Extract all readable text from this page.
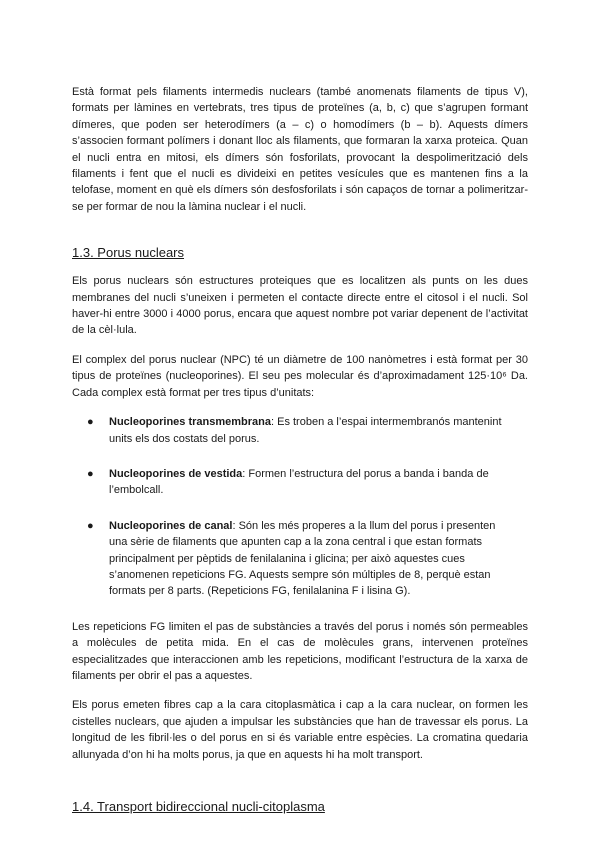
Està format pels filaments intermedis nuclears (també anomenats filaments de tipus V), formats per làmines en vertebrats, tres tipus de proteïnes (a, b, c) que s’agrupen formant dímeres, que poden ser heterodímers (a – c) o homodímers (b – b). Aquests dímers s’associen formant polímers i donant lloc als filaments, que formaran la xarxa proteica. Quan el nucli entra en mitosi, els dímers són fosforilats, provocant la despolimerització dels filaments i fent que el nucli es divideixi en petites vesícules que es mantenen fins a la telofase, moment en què els dímers són desfosforilats i són capaços de tornar a polimeritzar-se per formar de nou la làmina nuclear i el nucli.

1.3. Porus nuclears

Els porus nuclears són estructures proteiques que es localitzen als punts on les dues membranes del nucli s’uneixen i permeten el contacte directe entre el citosol i el nucli. Sol haver-hi entre 3000 i 4000 porus, encara que aquest nombre pot variar depenent de l’activitat de la cèl·lula.

El complex del porus nuclear (NPC) té un diàmetre de 100 nanòmetres i està format per 30 tipus de proteïnes (nucleoporines). El seu pes molecular és d’aproximadament 125·10⁶ Da. Cada complex està format per tres tipus d’unitats:

● Nucleoporines transmembrana: Es troben a l’espai intermembranós mantenint units els dos costats del porus.
● Nucleoporines de vestida: Formen l’estructura del porus a banda i banda de l’embolcall.
● Nucleoporines de canal: Són les més properes a la llum del porus i presenten una sèrie de filaments que apunten cap a la zona central i que estan formats principalment per pèptids de fenilalanina i glicina; per això aquestes cues s’anomenen repeticions FG. Aquests sempre són múltiples de 8, perquè estan formats per 8 parts. (Repeticions FG, fenilalanina F i lisina G).

Les repeticions FG limiten el pas de substàncies a través del porus i només són permeables a molècules de petita mida. En el cas de molècules grans, intervenen proteïnes especialitzades que interaccionen amb les repeticions, modificant l’estructura de la xarxa de filaments per obrir el pas a aquestes.

Els porus emeten fibres cap a la cara citoplasmàtica i cap a la cara nuclear, on formen les cistelles nuclears, que ajuden a impulsar les substàncies que han de travessar els porus. La longitud de les fibril·les o del porus en si és variable entre espècies. La cromatina quedaria allunyada d’on hi ha molts porus, ja que en aquests hi ha molt transport.

1.4. Transport bidireccional nucli-citoplasma
